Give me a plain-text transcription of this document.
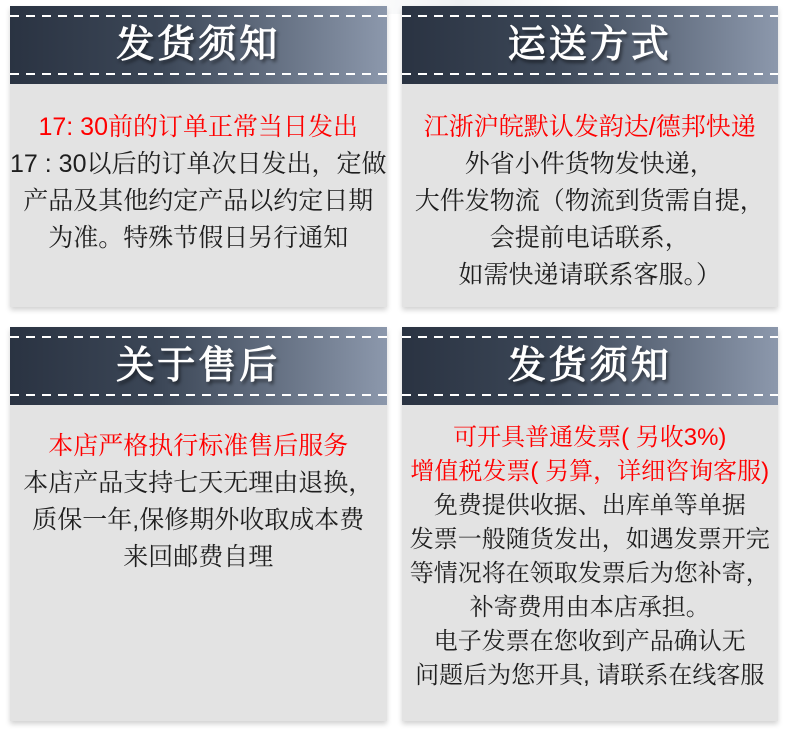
发货须知

17: 30前的订单正常当日发出

17 : 30以后的订单次日发出，定做

产品及其他约定产品以约定日期

为准。特殊节假日另行通知

运送方式

江浙沪皖默认发韵达/德邦快递

外省小件货物发快递，

大件发物流（物流到货需自提，

会提前电话联系，

如需快递请联系客服。）

关于售后

本店严格执行标准售后服务

本店产品支持七天无理由退换，

质保一年,保修期外收取成本费

来回邮费自理

发货须知

可开具普通发票( 另收3%)

增值税发票( 另算，详细咨询客服)

免费提供收据、出库单等单据

发票一般随货发出，如遇发票开完

等情况将在领取发票后为您补寄，

补寄费用由本店承担。

电子发票在您收到产品确认无

问题后为您开具, 请联系在线客服
